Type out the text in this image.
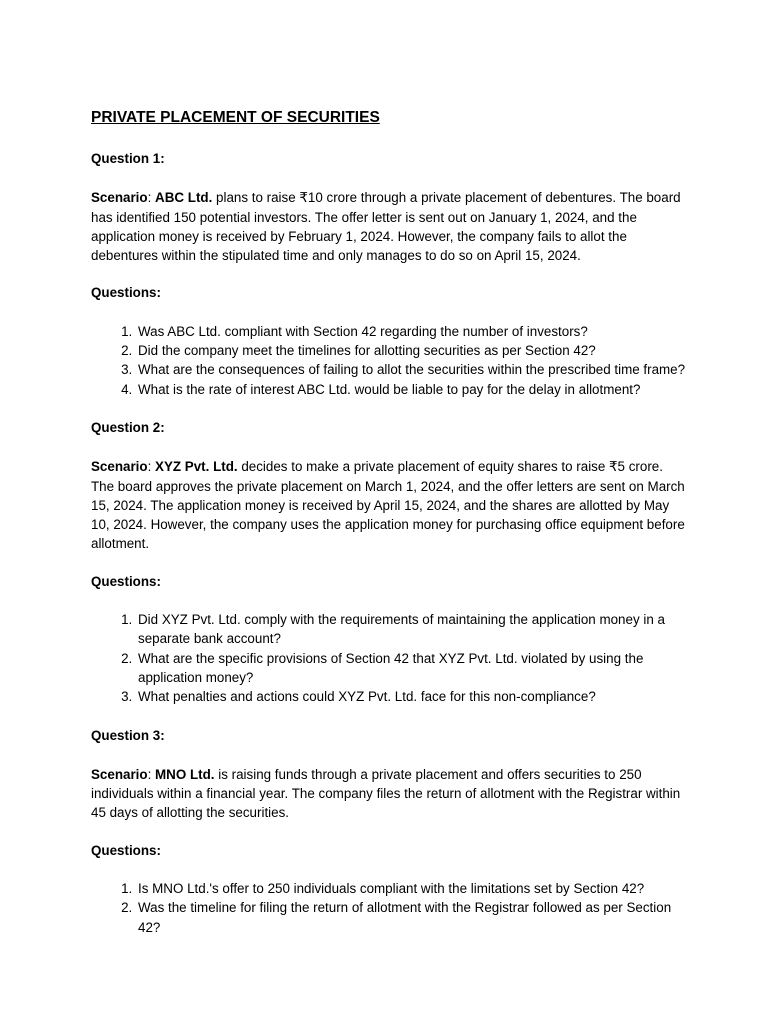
PRIVATE PLACEMENT OF SECURITIES
Question 1:

Scenario: ABC Ltd. plans to raise ₹10 crore through a private placement of debentures. The board has identified 150 potential investors. The offer letter is sent out on January 1, 2024, and the application money is received by February 1, 2024. However, the company fails to allot the debentures within the stipulated time and only manages to do so on April 15, 2024.

Questions:
1. Was ABC Ltd. compliant with Section 42 regarding the number of investors?
2. Did the company meet the timelines for allotting securities as per Section 42?
3. What are the consequences of failing to allot the securities within the prescribed time frame?
4. What is the rate of interest ABC Ltd. would be liable to pay for the delay in allotment?
Question 2:

Scenario: XYZ Pvt. Ltd. decides to make a private placement of equity shares to raise ₹5 crore. The board approves the private placement on March 1, 2024, and the offer letters are sent on March 15, 2024. The application money is received by April 15, 2024, and the shares are allotted by May 10, 2024. However, the company uses the application money for purchasing office equipment before allotment.

Questions:
1. Did XYZ Pvt. Ltd. comply with the requirements of maintaining the application money in a separate bank account?
2. What are the specific provisions of Section 42 that XYZ Pvt. Ltd. violated by using the application money?
3. What penalties and actions could XYZ Pvt. Ltd. face for this non-compliance?
Question 3:

Scenario: MNO Ltd. is raising funds through a private placement and offers securities to 250 individuals within a financial year. The company files the return of allotment with the Registrar within 45 days of allotting the securities.

Questions:
1. Is MNO Ltd.'s offer to 250 individuals compliant with the limitations set by Section 42?
2. Was the timeline for filing the return of allotment with the Registrar followed as per Section 42?
